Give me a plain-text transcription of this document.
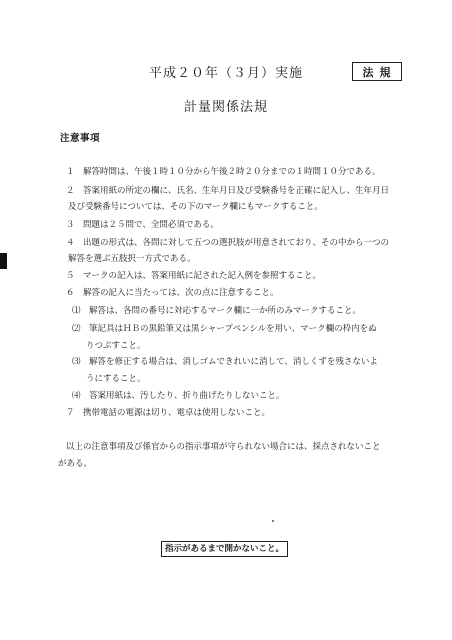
平成２０年（３月）実施	法規
計量関係法規
注意事項
１　解答時間は、午後１時１０分から午後２時２０分までの１時間１０分である。
２　答案用紙の所定の欄に、氏名、生年月日及び受験番号を正確に記入し、生年月日
及び受験番号については、その下のマーク欄にもマークすること。
３　問題は２５問で、全問必須である。
４　出題の形式は、各問に対して五つの選択肢が用意されており、その中から一つの
解答を選ぶ五肢択一方式である。
５　マークの記入は、答案用紙に記された記入例を参照すること。
６　解答の記入に当たっては、次の点に注意すること。
⑴　解答は、各問の番号に対応するマーク欄に一か所のみマークすること。
⑵　筆記具はＨＢの黒鉛筆又は黒シャープペンシルを用い、マーク欄の枠内をぬ
りつぶすこと。
⑶　解答を修正する場合は、消しゴムできれいに消して、消しくずを残さないよ
うにすること。
⑷　答案用紙は、汚したり、折り曲げたりしないこと。
７　携帯電話の電源は切り、電卓は使用しないこと。
以上の注意事項及び係官からの指示事項が守られない場合には、採点されないこと
がある。
指示があるまで開かないこと。
